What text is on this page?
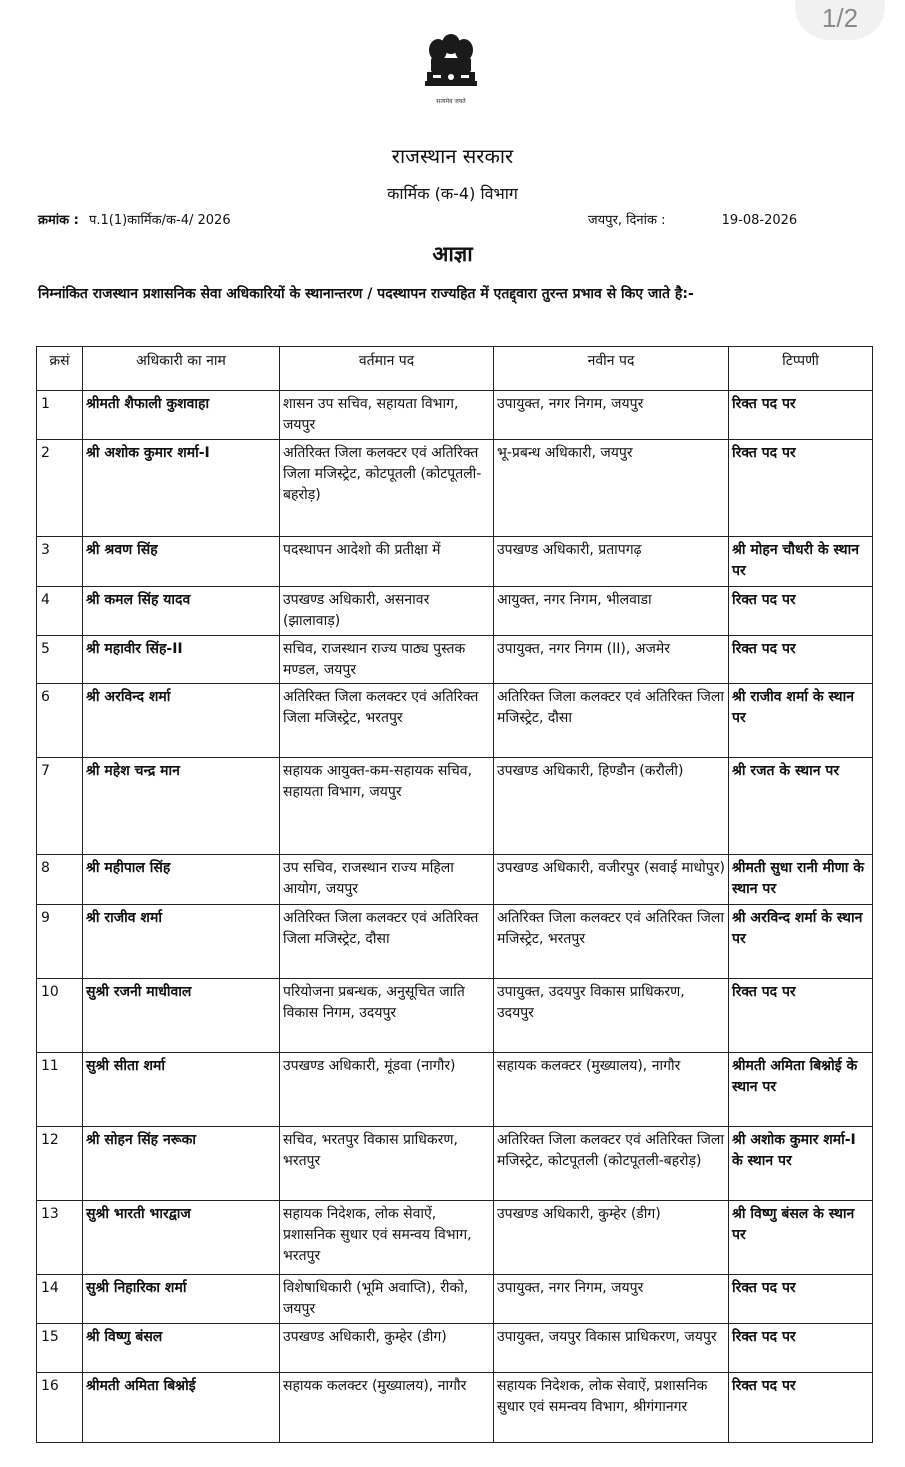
1/2
सत्यमेव जयते
राजस्थान सरकार
कार्मिक (क-4) विभाग
क्रमांक : प.1(1)कार्मिक/क-4/ 2026	जयपुर, दिनांक :	19-08-2026
आज्ञा
निम्नांकित राजस्थान प्रशासनिक सेवा अधिकारियों के स्थानान्तरण / पदस्थापन राज्यहित में एतद्द्वारा तुरन्त प्रभाव से किए जाते है:-
क्रसं	अधिकारी का नाम	वर्तमान पद	नवीन पद	टिप्पणी
1	श्रीमती शैफाली कुशवाहा	शासन उप सचिव, सहायता विभाग, जयपुर	उपायुक्त, नगर निगम, जयपुर	रिक्त पद पर
2	श्री अशोक कुमार शर्मा-I	अतिरिक्त जिला कलक्टर एवं अतिरिक्त जिला मजिस्ट्रेट, कोटपूतली (कोटपूतली-बहरोड़)	भू-प्रबन्ध अधिकारी, जयपुर	रिक्त पद पर
3	श्री श्रवण सिंह	पदस्थापन आदेशो की प्रतीक्षा में	उपखण्ड अधिकारी, प्रतापगढ़	श्री मोहन चौधरी के स्थान पर
4	श्री कमल सिंह यादव	उपखण्ड अधिकारी, असनावर (झालावाड़)	आयुक्त, नगर निगम, भीलवाडा	रिक्त पद पर
5	श्री महावीर सिंह-II	सचिव, राजस्थान राज्य पाठ्य पुस्तक मण्डल, जयपुर	उपायुक्त, नगर निगम (II), अजमेर	रिक्त पद पर
6	श्री अरविन्द शर्मा	अतिरिक्त जिला कलक्टर एवं अतिरिक्त जिला मजिस्ट्रेट, भरतपुर	अतिरिक्त जिला कलक्टर एवं अतिरिक्त जिला मजिस्ट्रेट, दौसा	श्री राजीव शर्मा के स्थान पर
7	श्री महेश चन्द्र मान	सहायक आयुक्त-कम-सहायक सचिव, सहायता विभाग, जयपुर	उपखण्ड अधिकारी, हिण्डौन (करौली)	श्री रजत के स्थान पर
8	श्री महीपाल सिंह	उप सचिव, राजस्थान राज्य महिला आयोग, जयपुर	उपखण्ड अधिकारी, वजीरपुर (सवाई माधोपुर)	श्रीमती सुधा रानी मीणा के स्थान पर
9	श्री राजीव शर्मा	अतिरिक्त जिला कलक्टर एवं अतिरिक्त जिला मजिस्ट्रेट, दौसा	अतिरिक्त जिला कलक्टर एवं अतिरिक्त जिला मजिस्ट्रेट, भरतपुर	श्री अरविन्द शर्मा के स्थान पर
10	सुश्री रजनी माधीवाल	परियोजना प्रबन्धक, अनुसूचित जाति विकास निगम, उदयपुर	उपायुक्त, उदयपुर विकास प्राधिकरण, उदयपुर	रिक्त पद पर
11	सुश्री सीता शर्मा	उपखण्ड अधिकारी, मूंडवा (नागौर)	सहायक कलक्टर (मुख्यालय), नागौर	श्रीमती अमिता बिश्नोई के स्थान पर
12	श्री सोहन सिंह नरूका	सचिव, भरतपुर विकास प्राधिकरण, भरतपुर	अतिरिक्त जिला कलक्टर एवं अतिरिक्त जिला मजिस्ट्रेट, कोटपूतली (कोटपूतली-बहरोड़)	श्री अशोक कुमार शर्मा-I के स्थान पर
13	सुश्री भारती भारद्वाज	सहायक निदेशक, लोक सेवाऐं, प्रशासनिक सुधार एवं समन्वय विभाग, भरतपुर	उपखण्ड अधिकारी, कुम्हेर (डीग)	श्री विष्णु बंसल के स्थान पर
14	सुश्री निहारिका शर्मा	विशेषाधिकारी (भूमि अवाप्ति), रीको, जयपुर	उपायुक्त, नगर निगम, जयपुर	रिक्त पद पर
15	श्री विष्णु बंसल	उपखण्ड अधिकारी, कुम्हेर (डीग)	उपायुक्त, जयपुर विकास प्राधिकरण, जयपुर	रिक्त पद पर
16	श्रीमती अमिता बिश्नोई	सहायक कलक्टर (मुख्यालय), नागौर	सहायक निदेशक, लोक सेवाऐं, प्रशासनिक सुधार एवं समन्वय विभाग, श्रीगंगानगर	रिक्त पद पर
